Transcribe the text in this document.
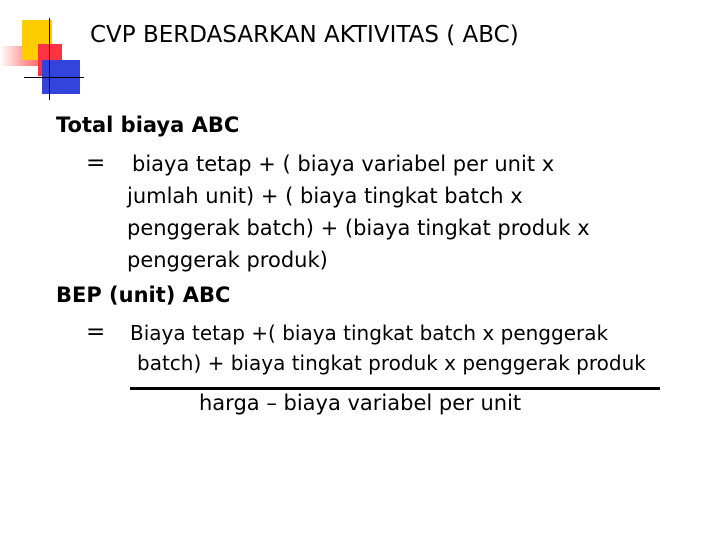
CVP BERDASARKAN AKTIVITAS ( ABC)
Total biaya ABC
= biaya tetap + ( biaya variabel per unit x
jumlah unit) + ( biaya tingkat batch x
penggerak batch) + (biaya tingkat produk x
penggerak produk)
BEP (unit) ABC
= Biaya tetap +( biaya tingkat batch x penggerak
batch) + biaya tingkat produk x penggerak produk
harga – biaya variabel per unit
